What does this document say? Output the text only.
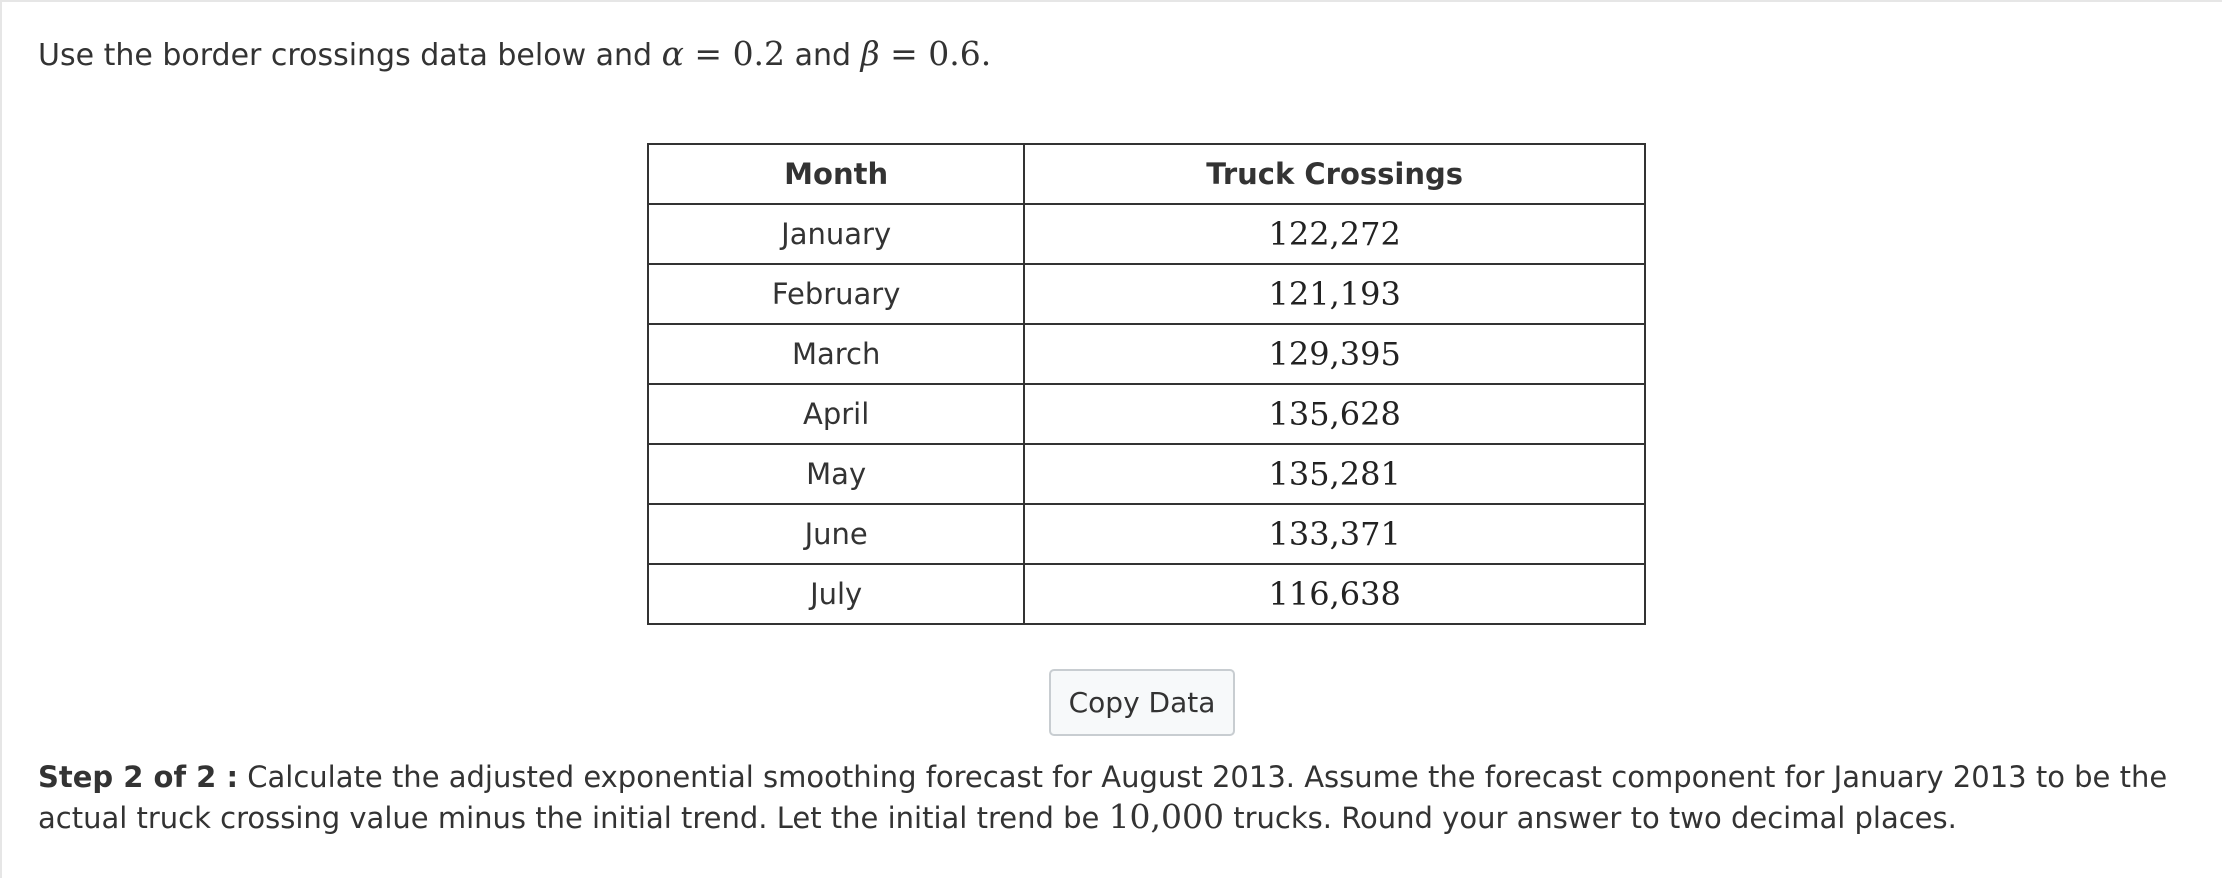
Use the border crossings data below and α = 0.2 and β = 0.6.
Month	Truck Crossings
January	122,272
February	121,193
March	129,395
April	135,628
May	135,281
June	133,371
July	116,638
Copy Data
Step 2 of 2 : Calculate the adjusted exponential smoothing forecast for August 2013. Assume the forecast component for January 2013 to be the actual truck crossing value minus the initial trend. Let the initial trend be 10,000 trucks. Round your answer to two decimal places.
